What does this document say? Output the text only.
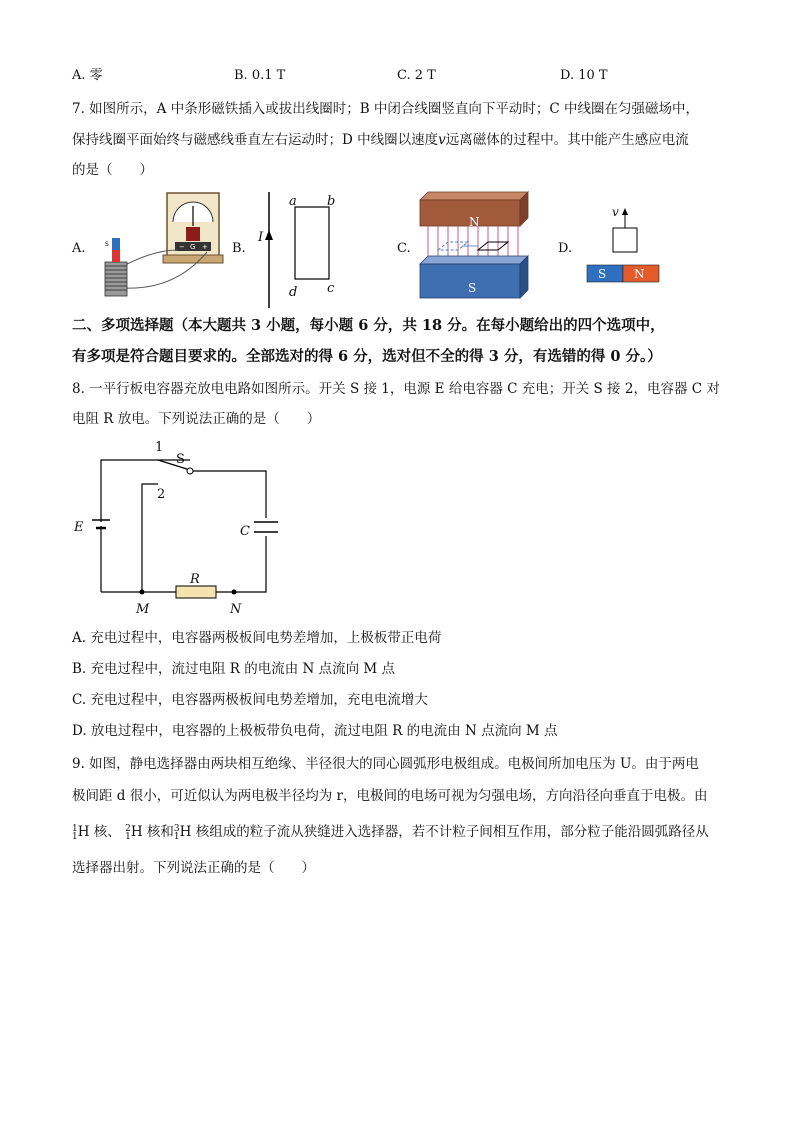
A. 零	B. 0.1 T	C. 2 T	D. 10 T
7. 如图所示，A 中条形磁铁插入或拔出线圈时；B 中闭合线圈竖直向下平动时；C 中线圈在匀强磁场中，
保持线圈平面始终与磁感线垂直左右运动时；D 中线圈以速度v远离磁体的过程中。其中能产生感应电流
的是（　　）
A.	B.	C.	D.
− G +
S	I
a b
c
d
N
S
v
S N
二、多项选择题（本大题共 3 小题，每小题 6 分，共 18 分。在每小题给出的四个选项中，
有多项是符合题目要求的。全部选对的得 6 分，选对但不全的得 3 分，有选错的得 0 分。）
8. 一平行板电容器充放电电路如图所示。开关 S 接 1，电源 E 给电容器 C 充电；开关 S 接 2，电容器 C 对
电阻 R 放电。下列说法正确的是（　　）
1
S
2
E	C
R
M	N
A. 充电过程中，电容器两极板间电势差增加，上极板带正电荷
B. 充电过程中，流过电阻 R 的电流由 N 点流向 M 点
C. 充电过程中，电容器两极板间电势差增加，充电电流增大
D. 放电过程中，电容器的上极板带负电荷，流过电阻 R 的电流由 N 点流向 M 点
9. 如图，静电选择器由两块相互绝缘、半径很大的同心圆弧形电极组成。电极间所加电压为 U。由于两电
极间距 d 很小，可近似认为两电极半径均为 r，电极间的电场可视为匀强电场，方向沿径向垂直于电极。由
1
1 H 核、 2
1 H 核和 3
1 H 核组成的粒子流从狭缝进入选择器，若不计粒子间相互作用，部分粒子能沿圆弧路径从
选择器出射。下列说法正确的是（　　）
